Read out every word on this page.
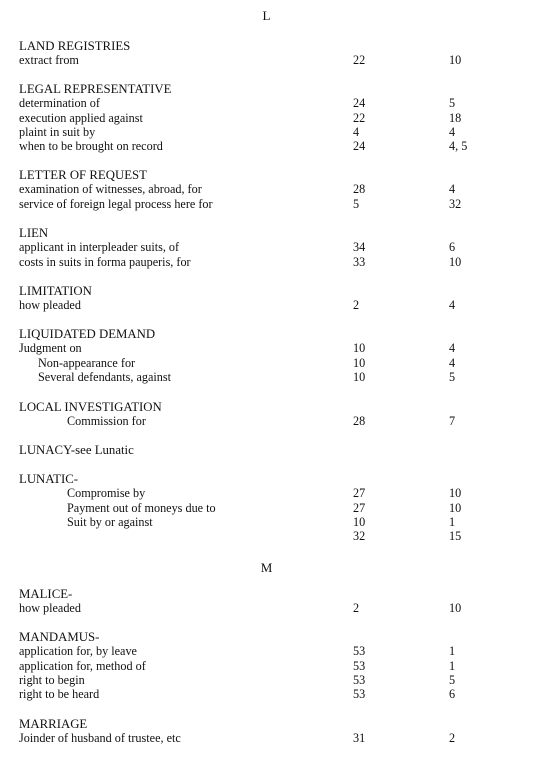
L
M
LAND REGISTRIES
extract from	22	10
LEGAL REPRESENTATIVE
determination of	24	5
execution applied against	22	18
plaint in suit by	4	4
when to be brought on record	24	4, 5
LETTER OF REQUEST
examination of witnesses, abroad, for	28	4
service of foreign legal process here for	5	32
LIEN
applicant in interpleader suits, of	34	6
costs in suits in forma pauperis, for	33	10
LIMITATION
how pleaded	2	4
LIQUIDATED DEMAND
Judgment on	10	4
Non-appearance for	10	4
Several defendants, against	10	5
LOCAL INVESTIGATION
Commission for	28	7
LUNACY-see Lunatic
LUNATIC-
Compromise by	27	10
Payment out of moneys due to	27	10
Suit by or against	10	1
32	15
MALICE-
how pleaded	2	10
MANDAMUS-
application for, by leave	53	1
application for, method of	53	1
right to begin	53	5
right to be heard	53	6
MARRIAGE
Joinder of husband of trustee, etc	31	2
